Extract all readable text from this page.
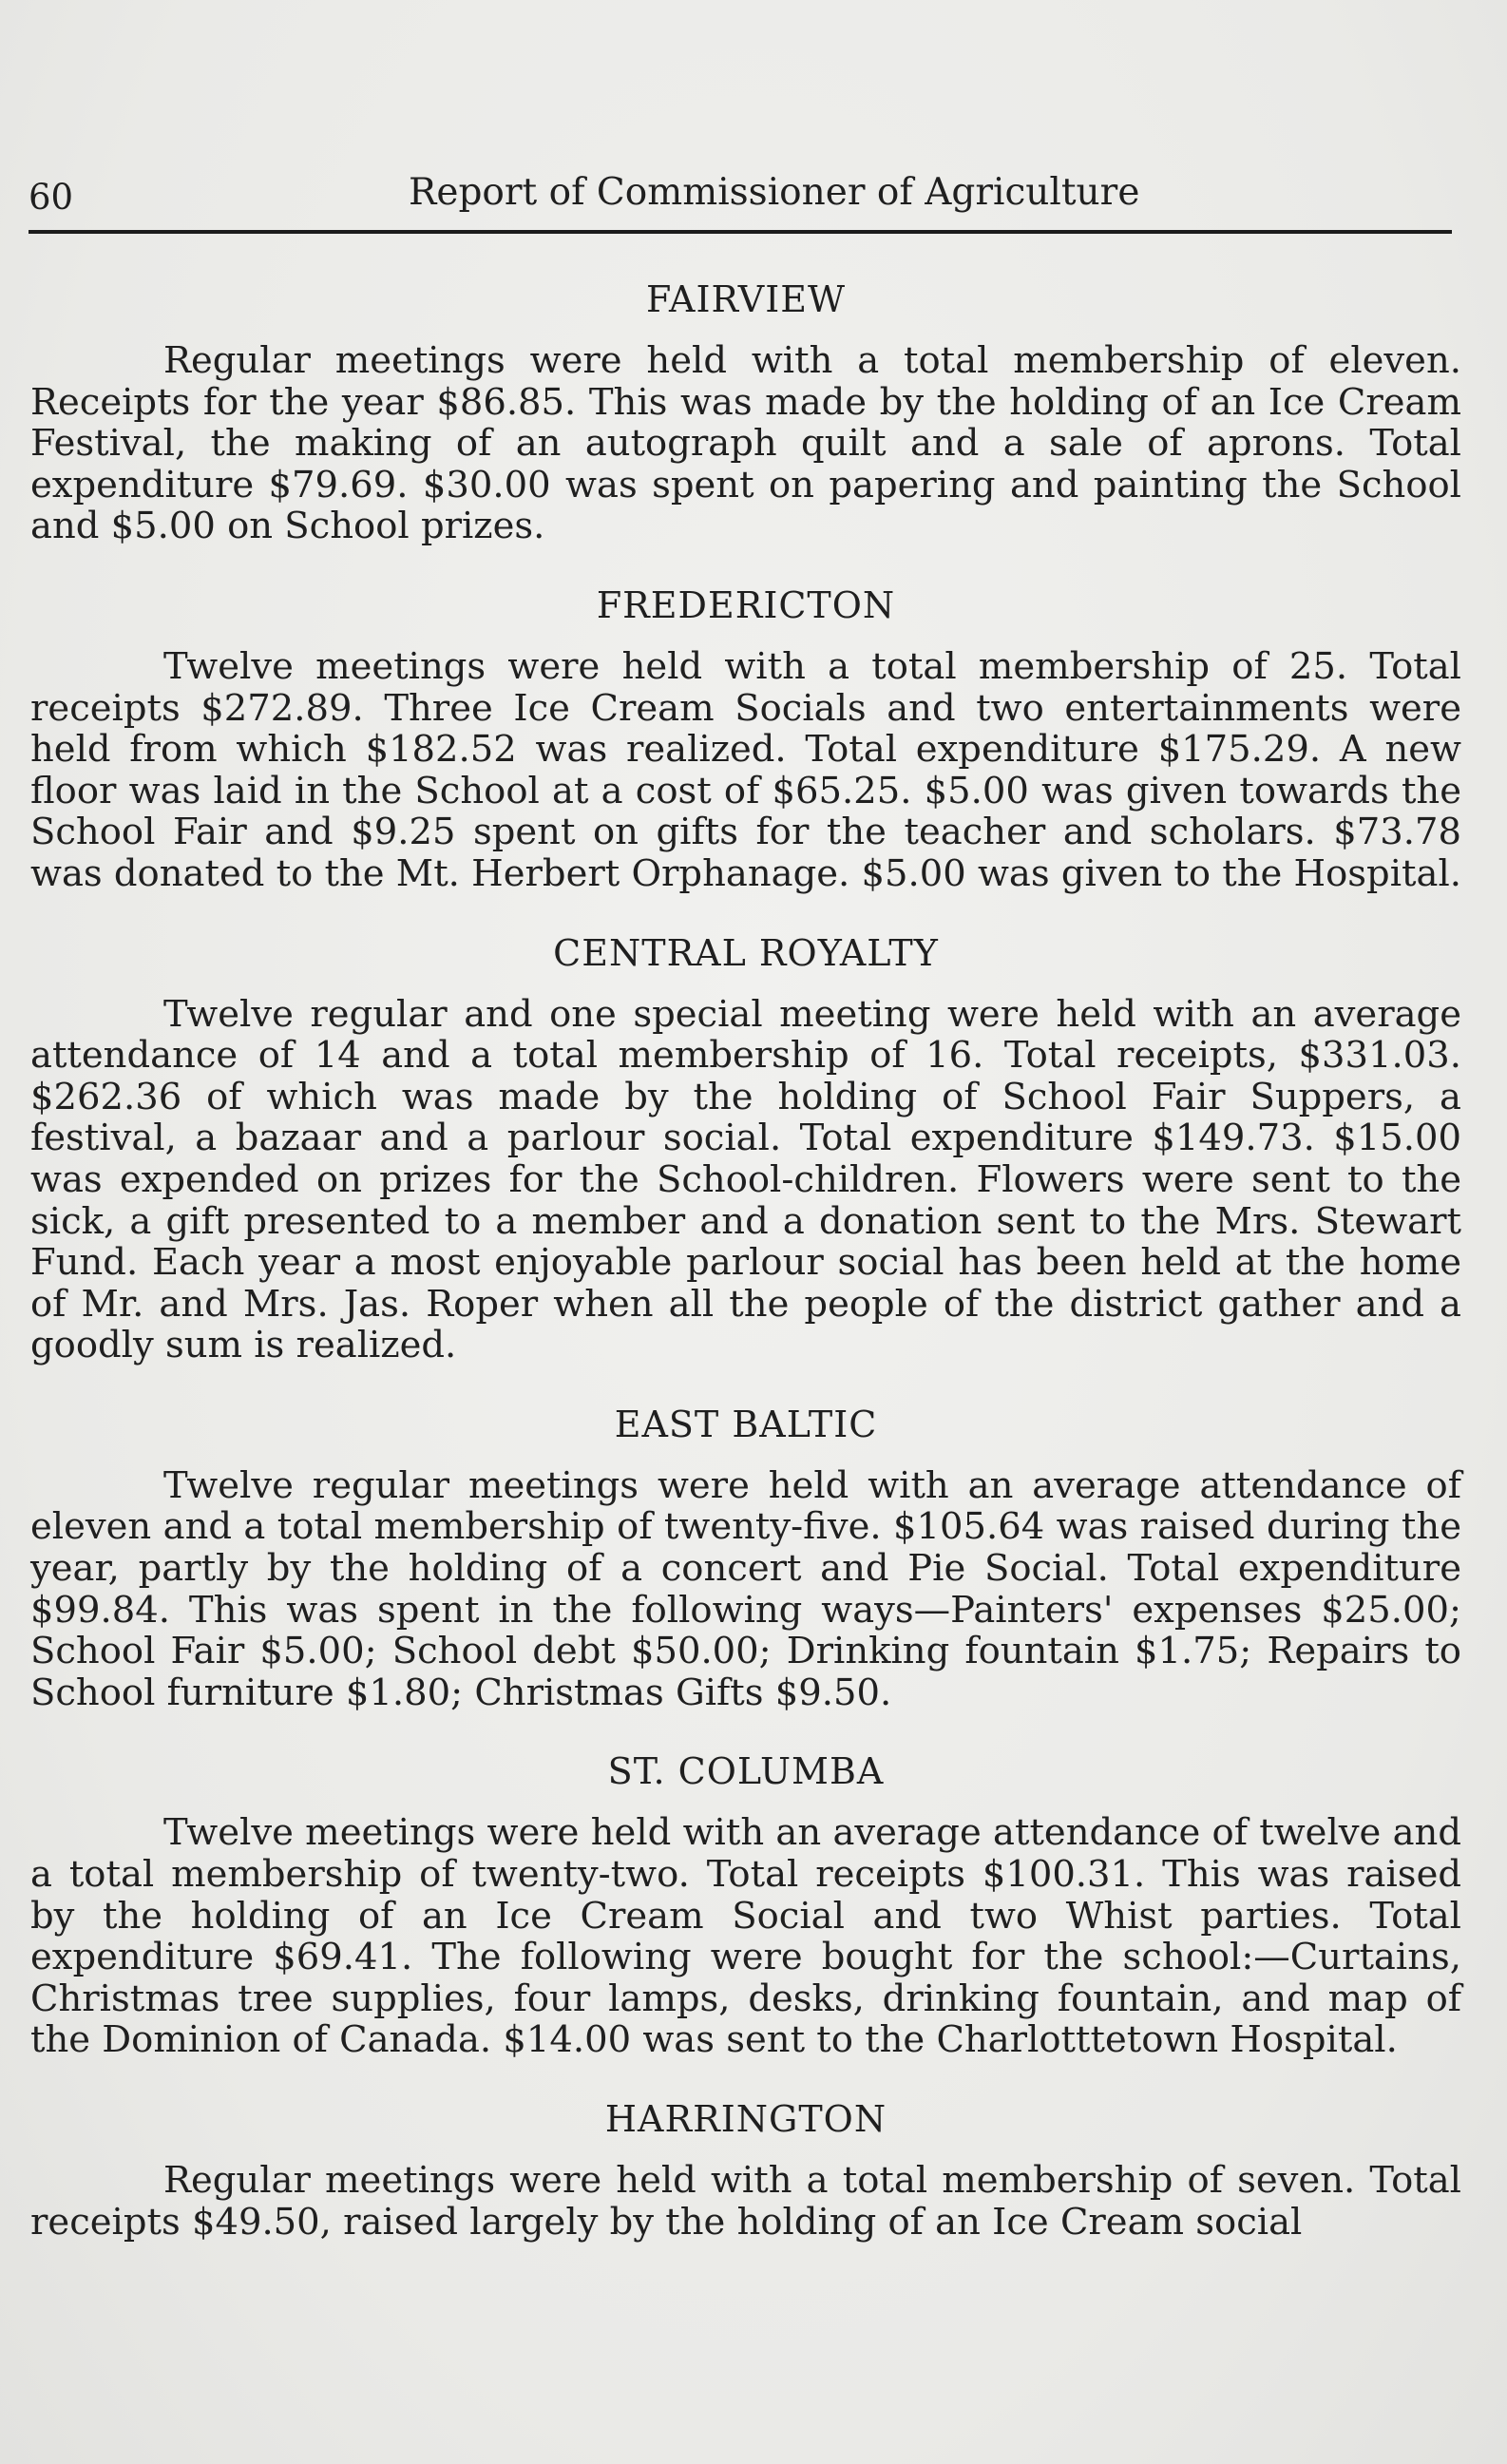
60	Report of Commissioner of Agriculture
FAIRVIEW

Regular meetings were held with a total membership of eleven. Receipts for the year $86.85. This was made by the holding of an Ice Cream Festival, the making of an autograph quilt and a sale of aprons. Total expenditure $79.69. $30.00 was spent on papering and painting the School and $5.00 on School prizes.

FREDERICTON

Twelve meetings were held with a total membership of 25. Total receipts $272.89. Three Ice Cream Socials and two entertainments were held from which $182.52 was realized. Total expenditure $175.29. A new floor was laid in the School at a cost of $65.25. $5.00 was given towards the School Fair and $9.25 spent on gifts for the teacher and scholars. $73.78 was donated to the Mt. Herbert Orphanage. $5.00 was given to the Hospital.

CENTRAL ROYALTY

Twelve regular and one special meeting were held with an average attendance of 14 and a total membership of 16. Total receipts, $331.03. $262.36 of which was made by the holding of School Fair Suppers, a festival, a bazaar and a parlour social. Total expenditure $149.73. $15.00 was expended on prizes for the School-children. Flowers were sent to the sick, a gift presented to a member and a donation sent to the Mrs. Stewart Fund. Each year a most enjoyable parlour social has been held at the home of Mr. and Mrs. Jas. Roper when all the people of the district gather and a goodly sum is realized.

EAST BALTIC

Twelve regular meetings were held with an average attendance of eleven and a total membership of twenty-five. $105.64 was raised during the year, partly by the holding of a concert and Pie Social. Total expenditure $99.84. This was spent in the following ways—Painters' expenses $25.00; School Fair $5.00; School debt $50.00; Drinking fountain $1.75; Repairs to School furniture $1.80; Christmas Gifts $9.50.

ST. COLUMBA

Twelve meetings were held with an average attendance of twelve and a total membership of twenty-two. Total receipts $100.31. This was raised by the holding of an Ice Cream Social and two Whist parties. Total expenditure $69.41. The following were bought for the school:—Curtains, Christmas tree supplies, four lamps, desks, drinking fountain, and map of the Dominion of Canada. $14.00 was sent to the Charlotttetown Hospital.

HARRINGTON

Regular meetings were held with a total membership of seven. Total receipts $49.50, raised largely by the holding of an Ice Cream social
